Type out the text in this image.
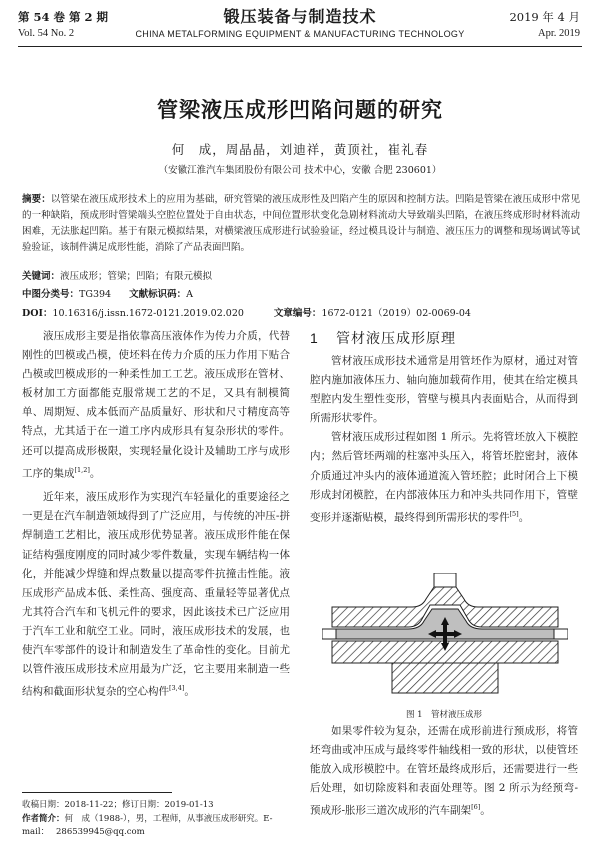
第 54 卷 第 2 期	锻压装备与制造技术	2019 年 4 月
Vol. 54 No. 2	CHINA METALFORMING EQUIPMENT & MANUFACTURING TECHNOLOGY	Apr. 2019
管梁液压成形凹陷问题的研究
何　成，周晶晶，刘迪祥，黄顶社，崔礼春
（安徽江淮汽车集团股份有限公司 技术中心，安徽 合肥 230601）
摘要：以管梁在液压成形技术上的应用为基础，研究管梁的液压成形性及凹陷产生的原因和控制方法。凹陷是管梁在液压成形中常见的一种缺陷，预成形时管梁端头空腔位置处于自由状态，中间位置形状变化急剧材料流动大导致端头凹陷，在液压终成形时材料流动困难，无法胀起凹陷。基于有限元模拟结果，对横梁液压成形进行试验验证，经过模具设计与制造、液压压力的调整和现场调试等试验验证，该制件满足成形性能，消除了产品表面凹陷。
关键词：液压成形；管梁；凹陷；有限元模拟
中图分类号：TG394 文献标识码：A
DOI：10.16316/j.issn.1672-0121.2019.02.020	文章编号：1672-0121（2019）02-0069-04

液压成形主要是指依靠高压液体作为传力介质，代替刚性的凹模或凸模，使坯料在传力介质的压力作用下贴合凸模或凹模成形的一种柔性加工工艺。液压成形在管材、板材加工方面都能克服常规工艺的不足，又具有制模简单、周期短、成本低而产品质量好、形状和尺寸精度高等特点，尤其适于在一道工序内成形具有复杂形状的零件。还可以提高成形极限，实现轻量化设计及辅助工序与成形工序的集成[1,2]。

近年来，液压成形作为实现汽车轻量化的重要途径之一更是在汽车制造领域得到了广泛应用，与传统的冲压-拼焊制造工艺相比，液压成形优势显著。液压成形件能在保证结构强度刚度的同时减少零件数量，实现车辆结构一体化，并能减少焊缝和焊点数量以提高零件抗撞击性能。液压成形产品成本低、柔性高、强度高、重量轻等显著优点尤其符合汽车和飞机元件的要求，因此该技术已广泛应用于汽车工业和航空工业。同时，液压成形技术的发展，也使汽车零部件的设计和制造发生了革命性的变化。目前尤以管件液压成形技术应用最为广泛，它主要用来制造一些结构和截面形状复杂的空心构件[3,4]。

1 管材液压成形原理

管材液压成形技术通常是用管坯作为原材，通过对管腔内施加液体压力、轴向施加载荷作用，使其在给定模具型腔内发生塑性变形，管壁与模具内表面贴合，从而得到所需形状零件。

管材液压成形过程如图 1 所示。先将管坯放入下模腔内；然后管坯两端的柱塞冲头压入，将管坯腔密封，液体介质通过冲头内的液体通道流入管坯腔；此时闭合上下模形成封闭模腔，在内部液体压力和冲头共同作用下，管壁变形并逐渐贴模，最终得到所需形状的零件[5]。

图 1　管材液压成形

如果零件较为复杂，还需在成形前进行预成形，将管坯弯曲或冲压成与最终零件轴线相一致的形状，以使管坯能放入成形模腔中。在管坯最终成形后，还需要进行一些后处理，如切除废料和表面处理等。图 2 所示为经预弯-预成形-胀形三道次成形的汽车副架[6]。

收稿日期：2018-11-22；修订日期：2019-01-13
作者简介：何　成（1988-），男，工程师，从事液压成形研究。E-mail： 286539945@qq.com
